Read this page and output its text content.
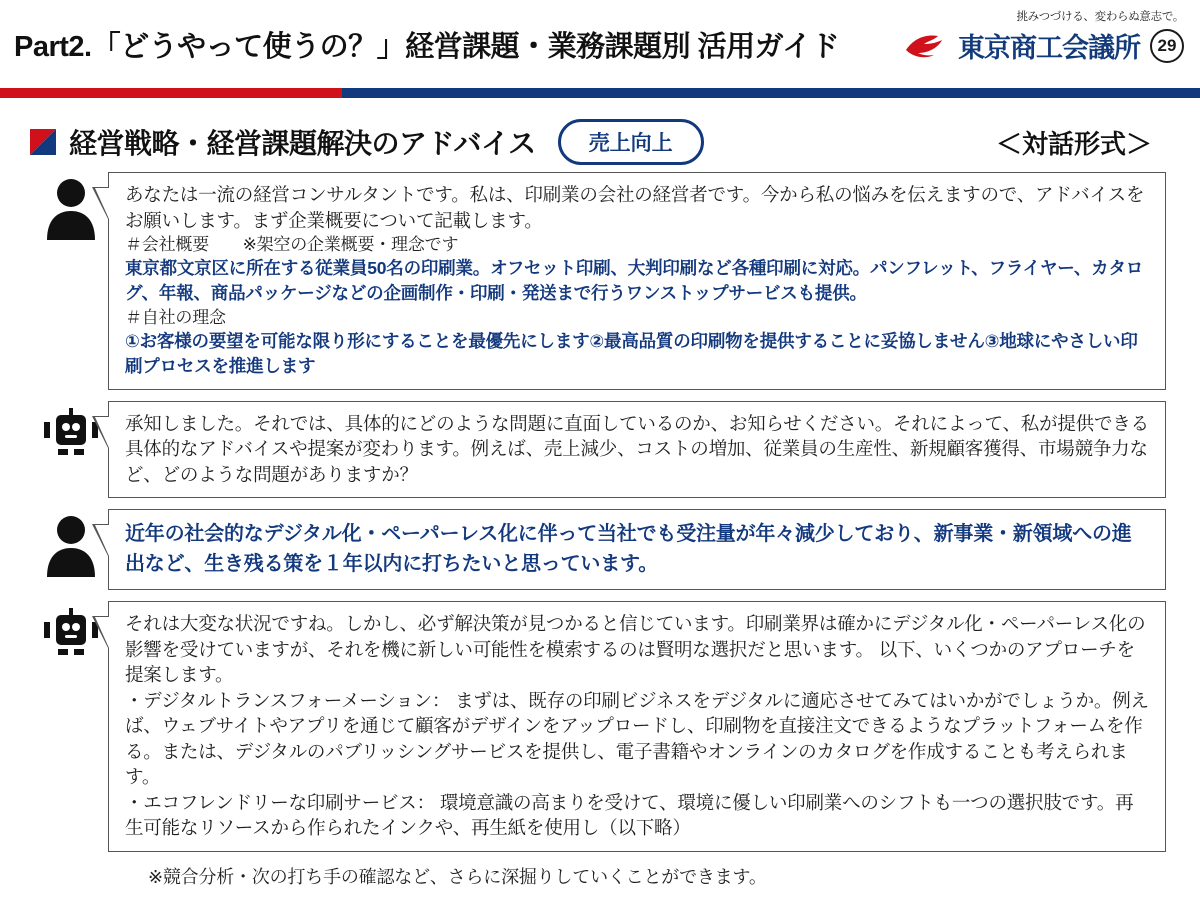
Part2.「どうやって使うの？」経営課題・業務課題別 活用ガイド
挑みつづける、変わらぬ意志で。
東京商工会議所	29
経営戦略・経営課題解決のアドバイス	売上向上	＜対話形式＞

あなたは一流の経営コンサルタントです。私は、印刷業の会社の経営者です。今から私の悩みを伝えますので、アドバイスをお願いします。まず企業概要について記載します。

＃会社概要　　※架空の企業概要・理念です

東京都文京区に所在する従業員50名の印刷業。オフセット印刷、大判印刷など各種印刷に対応。パンフレット、フライヤー、カタログ、年報、商品パッケージなどの企画制作・印刷・発送まで行うワンストップサービスも提供。

＃自社の理念

①お客様の要望を可能な限り形にすることを最優先にします②最高品質の印刷物を提供することに妥協しません③地球にやさしい印刷プロセスを推進します

承知しました。それでは、具体的にどのような問題に直面しているのか、お知らせください。それによって、私が提供できる具体的なアドバイスや提案が変わります。例えば、売上減少、コストの増加、従業員の生産性、新規顧客獲得、市場競争力など、どのような問題がありますか？

近年の社会的なデジタル化・ペーパーレス化に伴って当社でも受注量が年々減少しており、新事業・新領域への進出など、生き残る策を１年以内に打ちたいと思っています。

それは大変な状況ですね。しかし、必ず解決策が見つかると信じています。印刷業界は確かにデジタル化・ペーパーレス化の影響を受けていますが、それを機に新しい可能性を模索するのは賢明な選択だと思います。 以下、いくつかのアプローチを提案します。

・デジタルトランスフォーメーション： まずは、既存の印刷ビジネスをデジタルに適応させてみてはいかがでしょうか。例えば、ウェブサイトやアプリを通じて顧客がデザインをアップロードし、印刷物を直接注文できるようなプラットフォームを作る。または、デジタルのパブリッシングサービスを提供し、電子書籍やオンラインのカタログを作成することも考えられます。

・エコフレンドリーな印刷サービス： 環境意識の高まりを受けて、環境に優しい印刷業へのシフトも一つの選択肢です。再生可能なリソースから作られたインクや、再生紙を使用し（以下略）

※競合分析・次の打ち手の確認など、さらに深掘りしていくことができます。
